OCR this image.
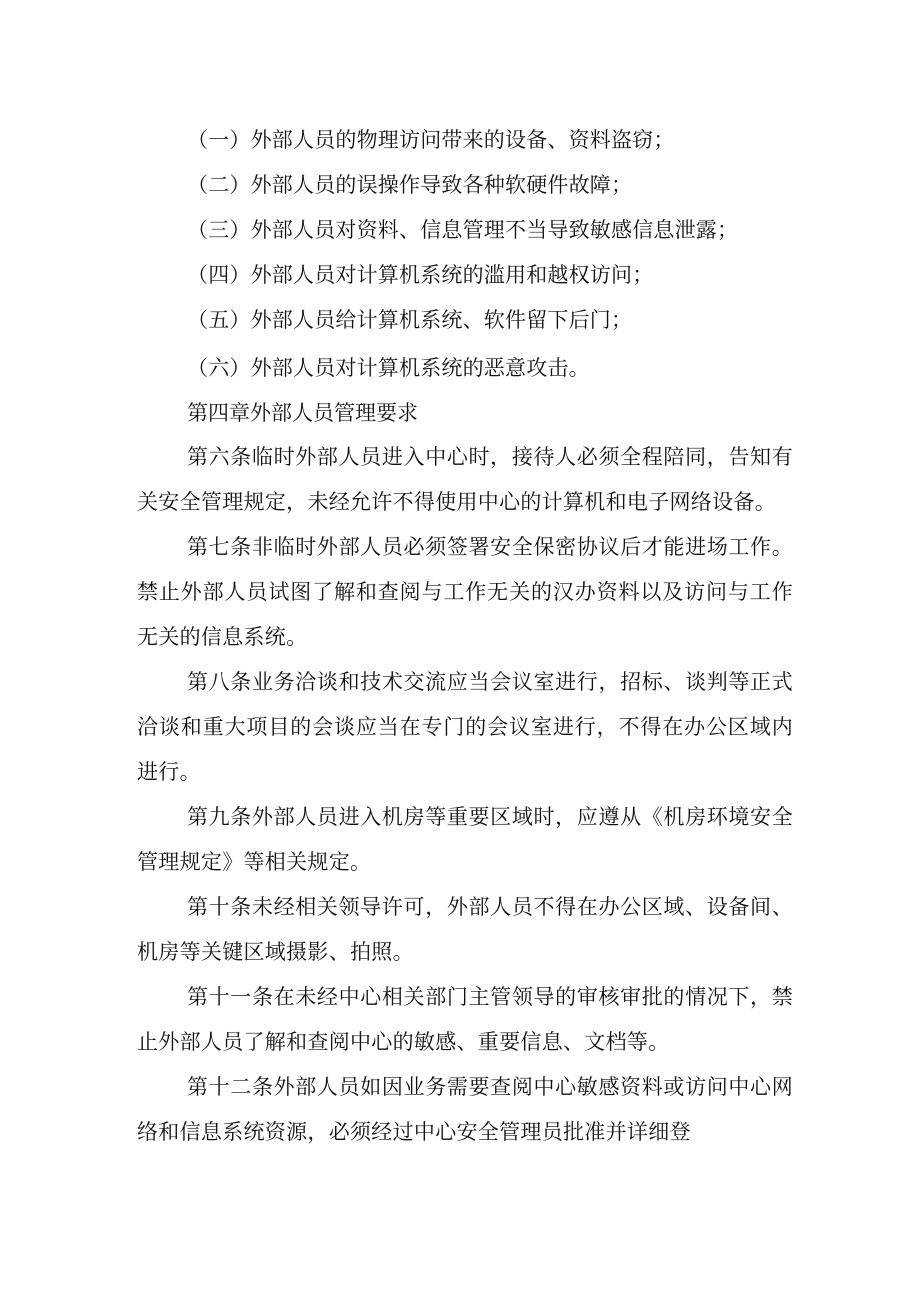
（一）外部人员的物理访问带来的设备、资料盗窃；
（二）外部人员的误操作导致各种软硬件故障；
（三）外部人员对资料、信息管理不当导致敏感信息泄露；
（四）外部人员对计算机系统的滥用和越权访问；
（五）外部人员给计算机系统、软件留下后门；
（六）外部人员对计算机系统的恶意攻击。
第四章外部人员管理要求

第六条临时外部人员进入中心时，接待人必须全程陪同，告知有关安全管理规定，未经允许不得使用中心的计算机和电子网络设备。

第七条非临时外部人员必须签署安全保密协议后才能进场工作。禁止外部人员试图了解和查阅与工作无关的汉办资料以及访问与工作无关的信息系统。

第八条业务洽谈和技术交流应当会议室进行，招标、谈判等正式洽谈和重大项目的会谈应当在专门的会议室进行，不得在办公区域内进行。

第九条外部人员进入机房等重要区域时，应遵从《机房环境安全管理规定》等相关规定。

第十条未经相关领导许可，外部人员不得在办公区域、设备间、机房等关键区域摄影、拍照。

第十一条在未经中心相关部门主管领导的审核审批的情况下，禁止外部人员了解和查阅中心的敏感、重要信息、文档等。

第十二条外部人员如因业务需要查阅中心敏感资料或访问中心网络和信息系统资源，必须经过中心安全管理员批准并详细登
